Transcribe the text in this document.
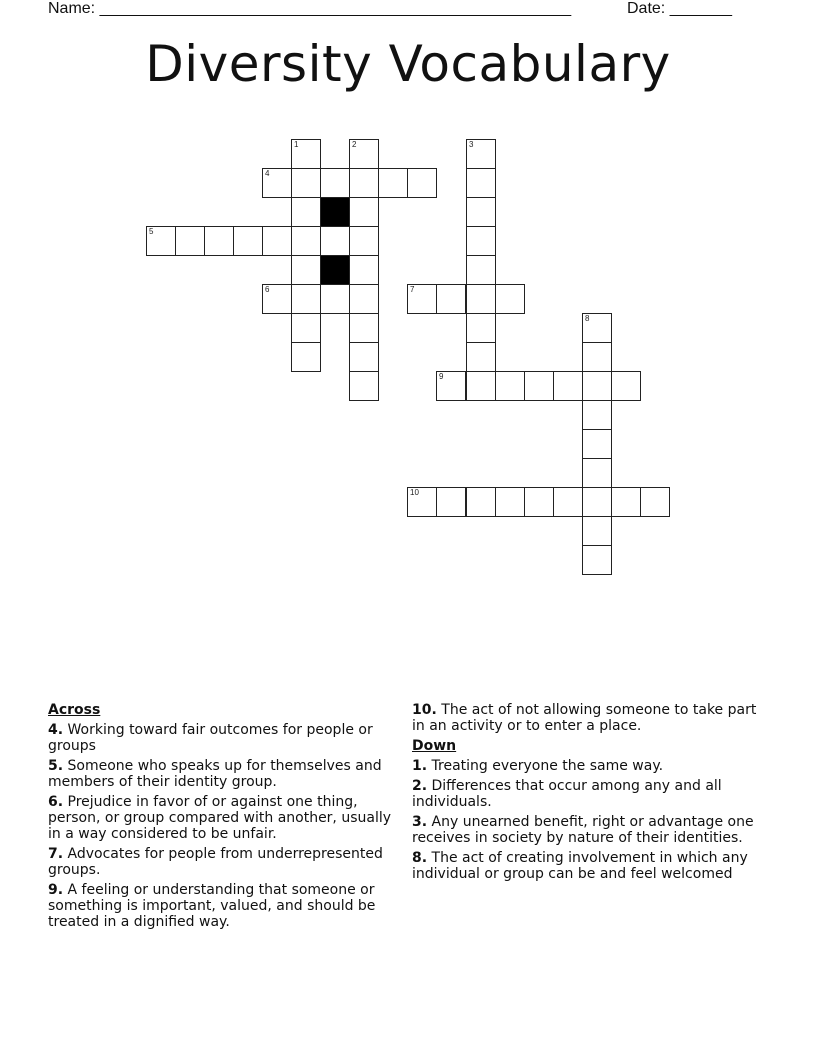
Name: _____________________________________________________	Date: _______
Diversity Vocabulary
1	2
4
5
6
3
7
8
9
10
Across
4. Working toward fair outcomes for people or groups
5. Someone who speaks up for themselves and members of their identity group.
6. Prejudice in favor of or against one thing, person, or group compared with another, usually in a way considered to be unfair.
7. Advocates for people from underrepresented groups.
9. A feeling or understanding that someone or something is important, valued, and should be treated in a dignified way.
10. The act of not allowing someone to take part in an activity or to enter a place.
Down
1. Treating everyone the same way.
2. Differences that occur among any and all individuals.
3. Any unearned benefit, right or advantage one receives in society by nature of their identities.
8. The act of creating involvement in which any individual or group can be and feel welcomed
